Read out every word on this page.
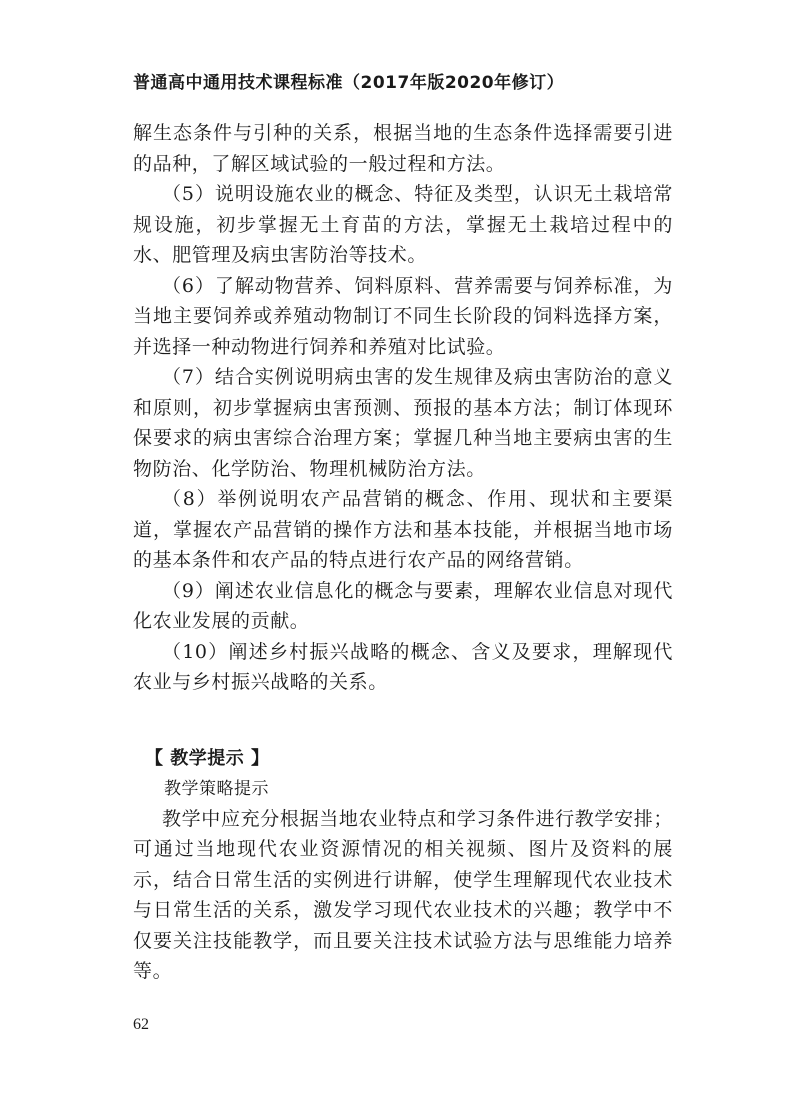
普通高中通用技术课程标准（2017年版2020年修订）

解生态条件与引种的关系，根据当地的生态条件选择需要引进的品种，了解区域试验的一般过程和方法。

（5）说明设施农业的概念、特征及类型，认识无土栽培常规设施，初步掌握无土育苗的方法，掌握无土栽培过程中的水、肥管理及病虫害防治等技术。

（6）了解动物营养、饲料原料、营养需要与饲养标准，为当地主要饲养或养殖动物制订不同生长阶段的饲料选择方案，并选择一种动物进行饲养和养殖对比试验。

（7）结合实例说明病虫害的发生规律及病虫害防治的意义和原则，初步掌握病虫害预测、预报的基本方法；制订体现环保要求的病虫害综合治理方案；掌握几种当地主要病虫害的生物防治、化学防治、物理机械防治方法。

（8）举例说明农产品营销的概念、作用、现状和主要渠道，掌握农产品营销的操作方法和基本技能，并根据当地市场的基本条件和农产品的特点进行农产品的网络营销。

（9）阐述农业信息化的概念与要素，理解农业信息对现代化农业发展的贡献。

（10）阐述乡村振兴战略的概念、含义及要求，理解现代农业与乡村振兴战略的关系。

【 教学提示 】

教学策略提示

教学中应充分根据当地农业特点和学习条件进行教学安排；可通过当地现代农业资源情况的相关视频、图片及资料的展示，结合日常生活的实例进行讲解，使学生理解现代农业技术与日常生活的关系，激发学习现代农业技术的兴趣；教学中不仅要关注技能教学，而且要关注技术试验方法与思维能力培养等。

62
